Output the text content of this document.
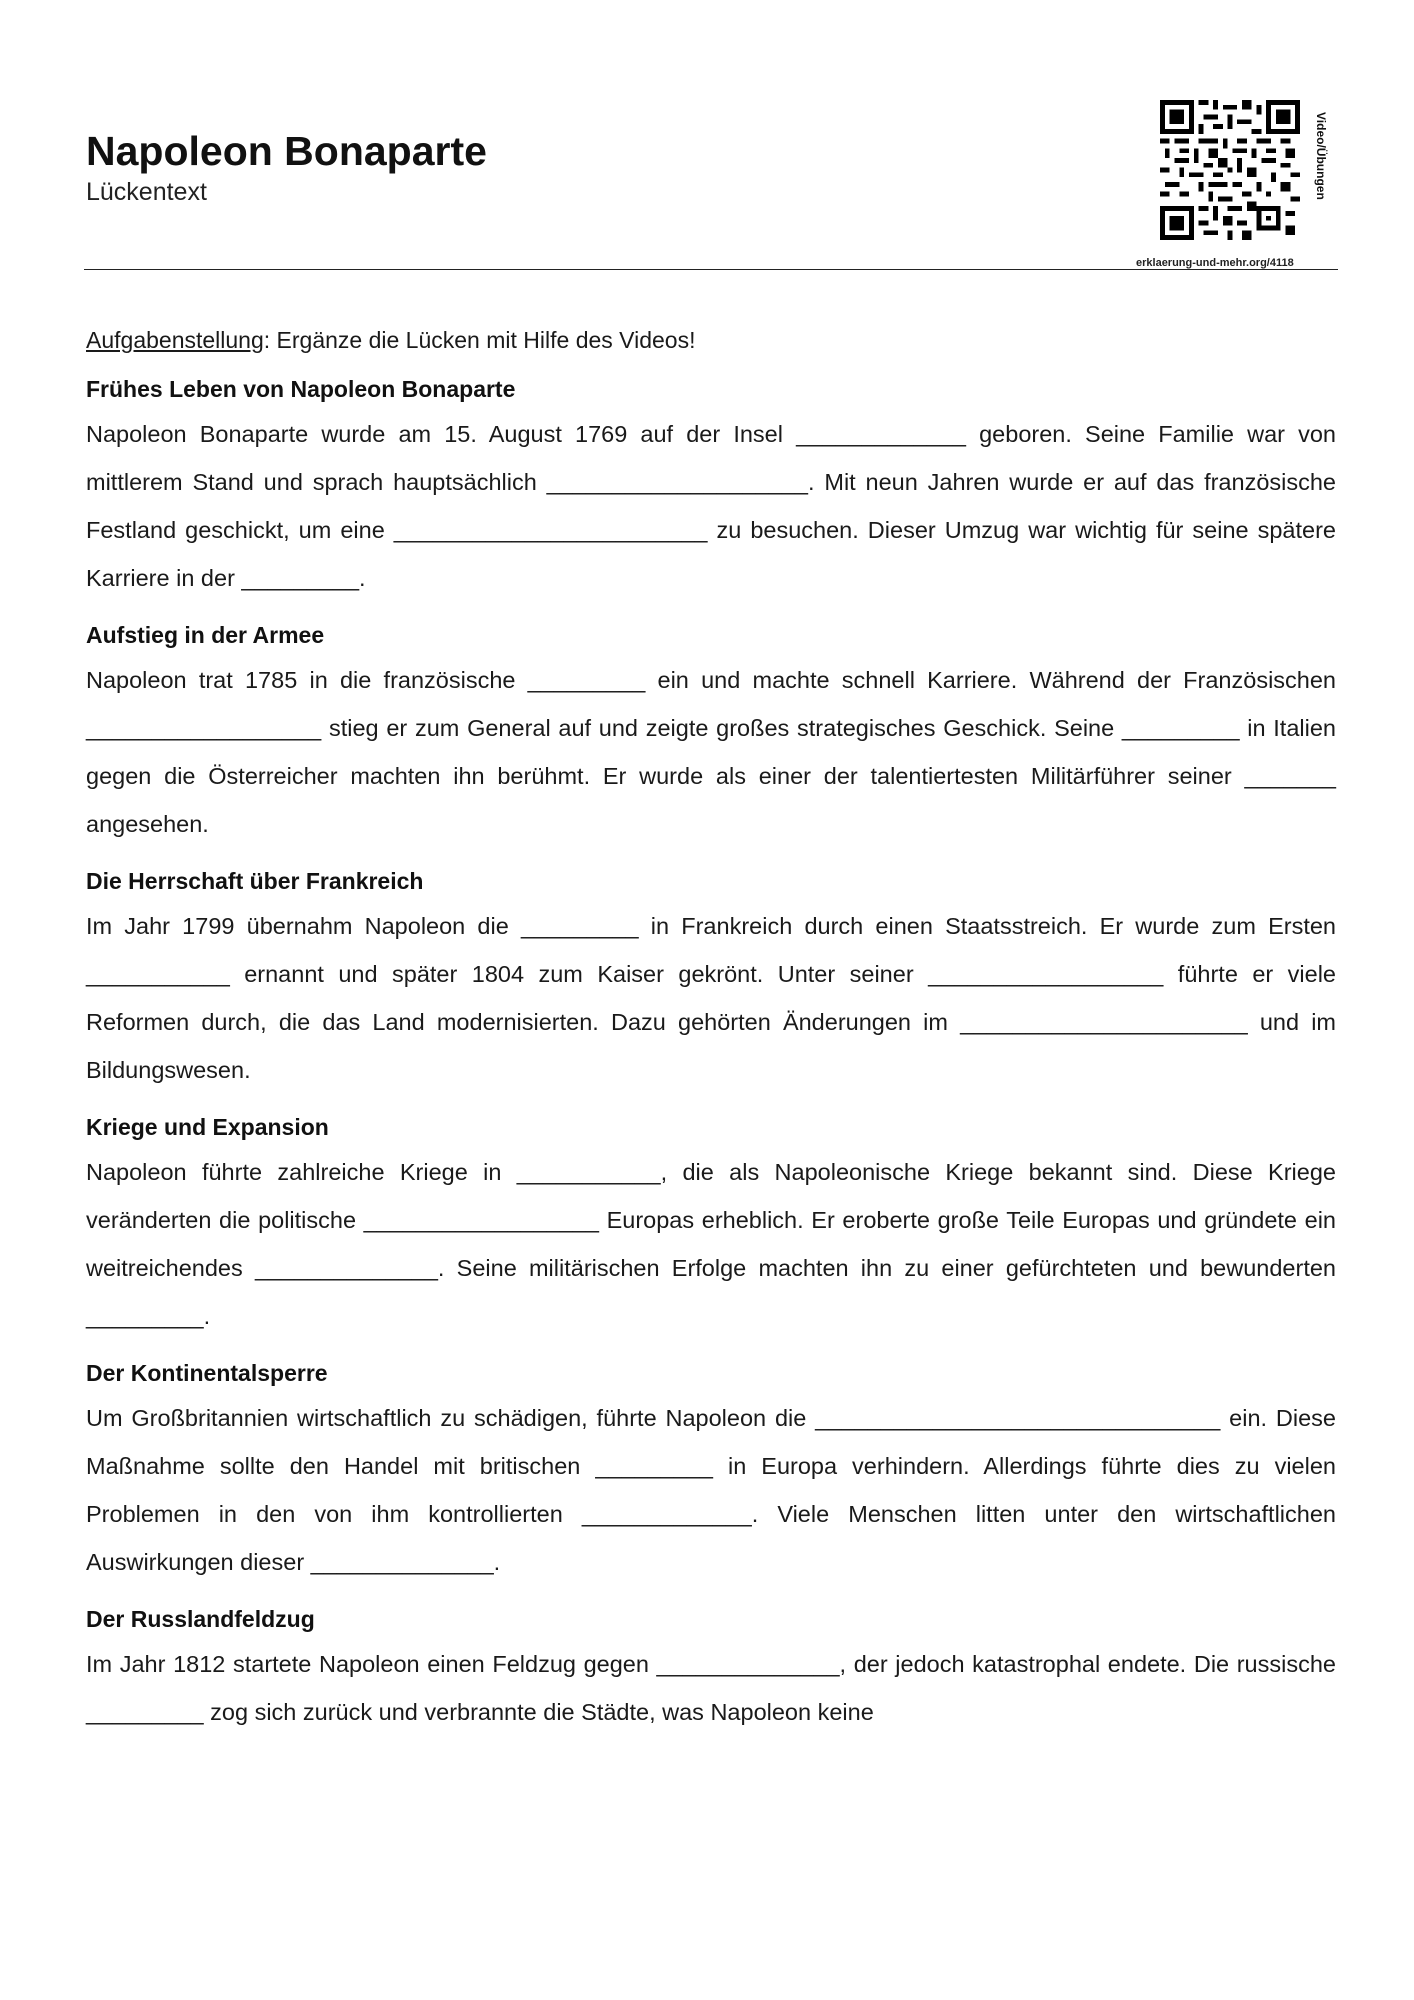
Napoleon Bonaparte
Lückentext	Video/Übungen
erklaerung-und-mehr.org/4118

Aufgabenstellung: Ergänze die Lücken mit Hilfe des Videos!

Frühes Leben von Napoleon Bonaparte

Napoleon Bonaparte wurde am 15. August 1769 auf der Insel _____________ geboren. Seine Familie war von mittlerem Stand und sprach hauptsächlich ____________________. Mit neun Jahren wurde er auf das französische Festland geschickt, um eine ________________________ zu besuchen. Dieser Umzug war wichtig für seine spätere Karriere in der _________.

Aufstieg in der Armee

Napoleon trat 1785 in die französische _________ ein und machte schnell Karriere. Während der Französischen __________________ stieg er zum General auf und zeigte großes strategisches Geschick. Seine _________ in Italien gegen die Österreicher machten ihn berühmt. Er wurde als einer der talentiertesten Militärführer seiner _______ angesehen.

Die Herrschaft über Frankreich

Im Jahr 1799 übernahm Napoleon die _________ in Frankreich durch einen Staatsstreich. Er wurde zum Ersten ___________ ernannt und später 1804 zum Kaiser gekrönt. Unter seiner __________________ führte er viele Reformen durch, die das Land modernisierten. Dazu gehörten Änderungen im ______________________ und im Bildungswesen.

Kriege und Expansion

Napoleon führte zahlreiche Kriege in ___________, die als Napoleonische Kriege bekannt sind. Diese Kriege veränderten die politische __________________ Europas erheblich. Er eroberte große Teile Europas und gründete ein weitreichendes ______________. Seine militärischen Erfolge machten ihn zu einer gefürchteten und bewunderten _________.

Der Kontinentalsperre

Um Großbritannien wirtschaftlich zu schädigen, führte Napoleon die _______________________________ ein. Diese Maßnahme sollte den Handel mit britischen _________ in Europa verhindern. Allerdings führte dies zu vielen Problemen in den von ihm kontrollierten _____________. Viele Menschen litten unter den wirtschaftlichen Auswirkungen dieser ______________.

Der Russlandfeldzug

Im Jahr 1812 startete Napoleon einen Feldzug gegen ______________, der jedoch katastrophal endete. Die russische _________ zog sich zurück und verbrannte die Städte, was Napoleon keine
